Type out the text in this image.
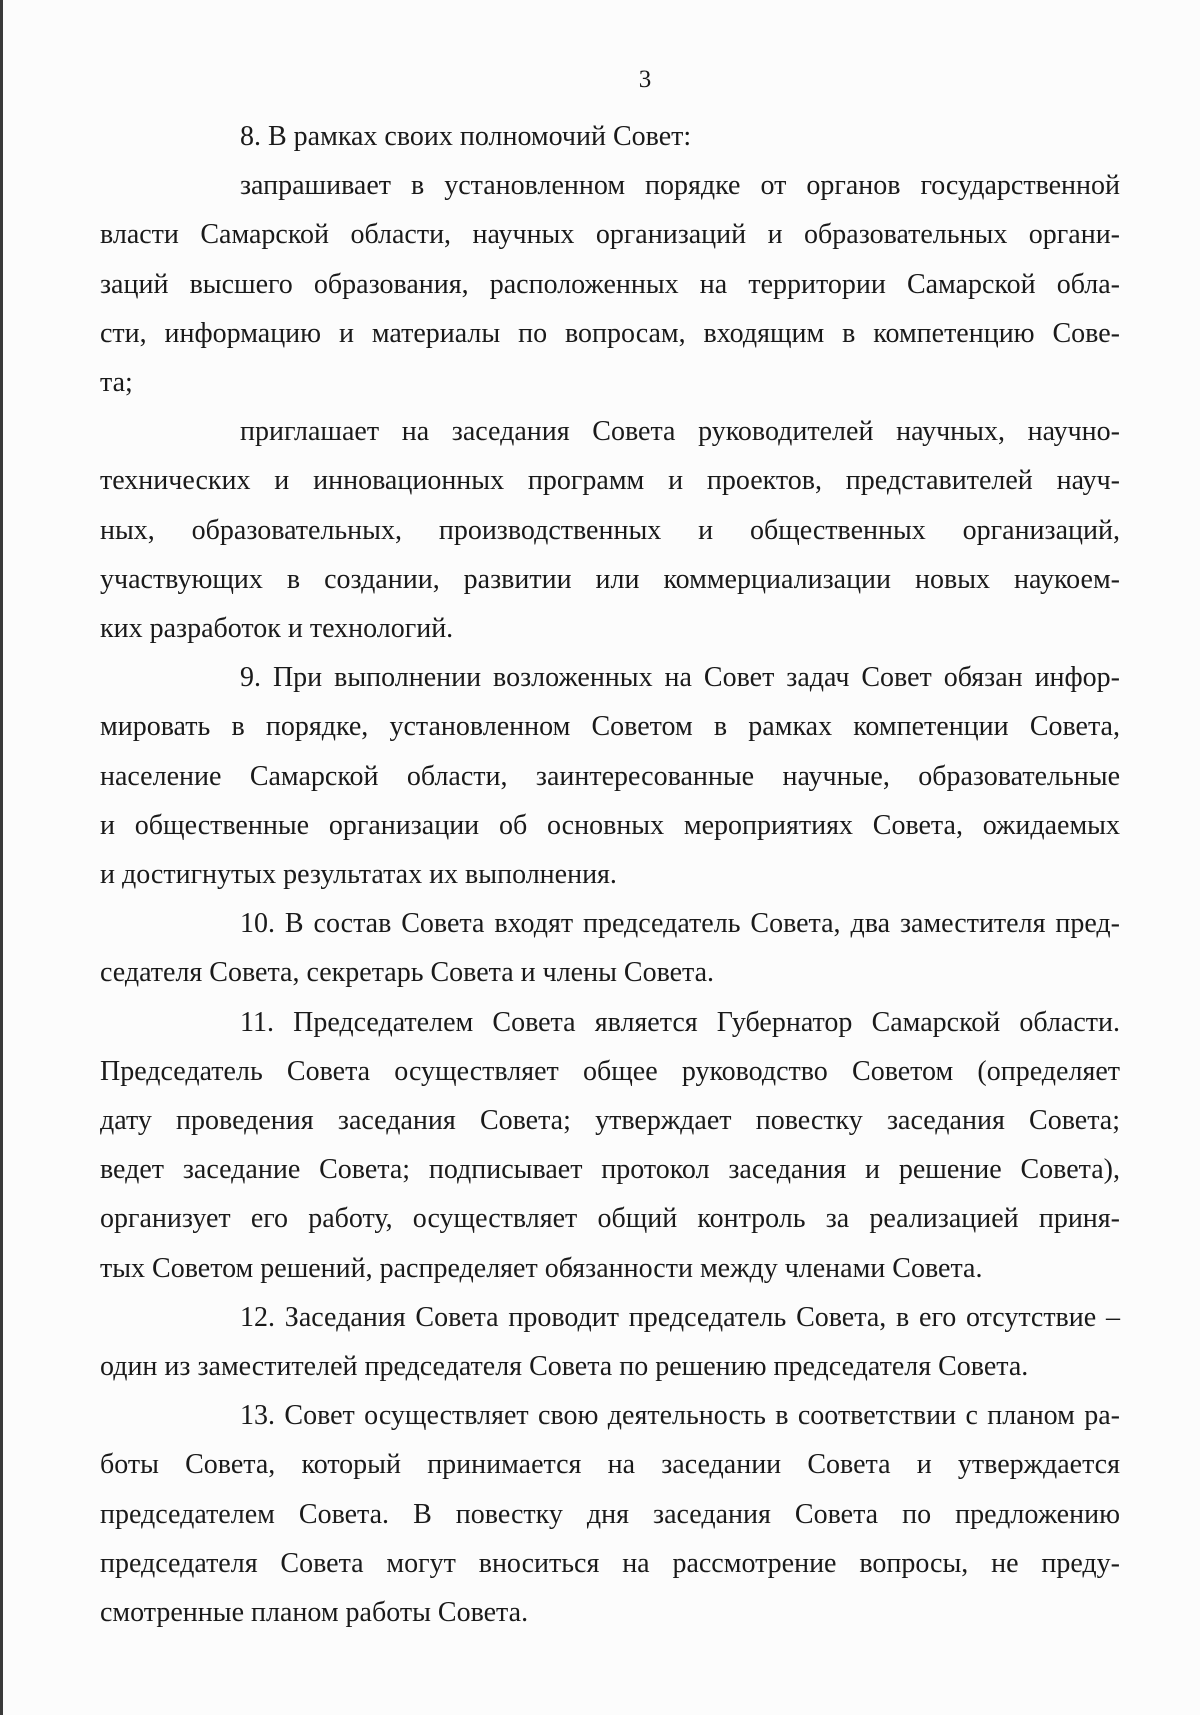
3

8. В рамках своих полномочий Совет:

запрашивает в установленном порядке от органов государственной
власти Самарской области, научных организаций и образовательных органи-
заций высшего образования, расположенных на территории Самарской обла-
сти, информацию и материалы по вопросам, входящим в компетенцию Сове-
та;

приглашает на заседания Совета руководителей научных, научно-
технических и инновационных программ и проектов, представителей науч-
ных, образовательных, производственных и общественных организаций,
участвующих в создании, развитии или коммерциализации новых наукоем-
ких разработок и технологий.

9. При выполнении возложенных на Совет задач Совет обязан инфор-
мировать в порядке, установленном Советом в рамках компетенции Совета,
население Самарской области, заинтересованные научные, образовательные
и общественные организации об основных мероприятиях Совета, ожидаемых
и достигнутых результатах их выполнения.

10. В состав Совета входят председатель Совета, два заместителя пред-
седателя Совета, секретарь Совета и члены Совета.

11. Председателем Совета является Губернатор Самарской области.
Председатель Совета осуществляет общее руководство Советом (определяет
дату проведения заседания Совета; утверждает повестку заседания Совета;
ведет заседание Совета; подписывает протокол заседания и решение Совета),
организует его работу, осуществляет общий контроль за реализацией приня-
тых Советом решений, распределяет обязанности между членами Совета.

12. Заседания Совета проводит председатель Совета, в его отсутствие –
один из заместителей председателя Совета по решению председателя Совета.

13. Совет осуществляет свою деятельность в соответствии с планом ра-
боты Совета, который принимается на заседании Совета и утверждается
председателем Совета. В повестку дня заседания Совета по предложению
председателя Совета могут вноситься на рассмотрение вопросы, не преду-
смотренные планом работы Совета.
